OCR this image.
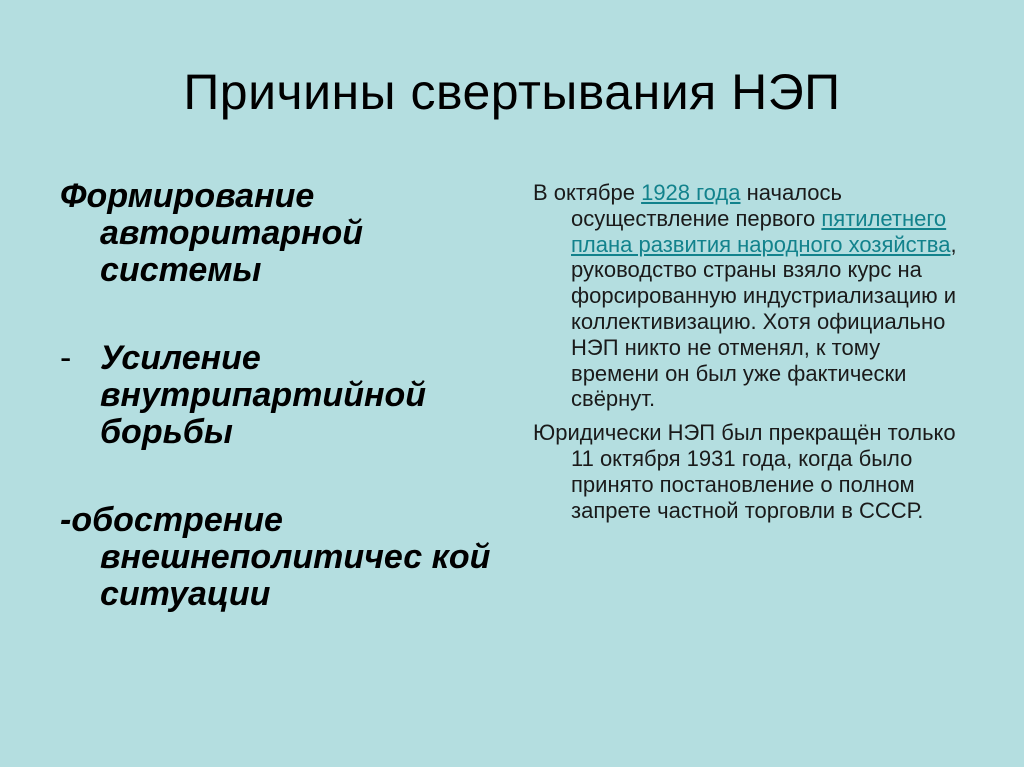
Причины свертывания НЭП

Формирование авторитарной системы

- Усиление внутрипартийной борьбы

-обострение внешнеполитичес кой ситуации

В октябре 1928 года началось осуществление первого пятилетнего плана развития народного хозяйства, руководство страны взяло курс на форсированную индустриализацию и коллективизацию. Хотя официально НЭП никто не отменял, к тому времени он был уже фактически свёрнут.

Юридически НЭП был прекращён только 11 октября 1931 года, когда было принято постановление о полном запрете частной торговли в СССР.
